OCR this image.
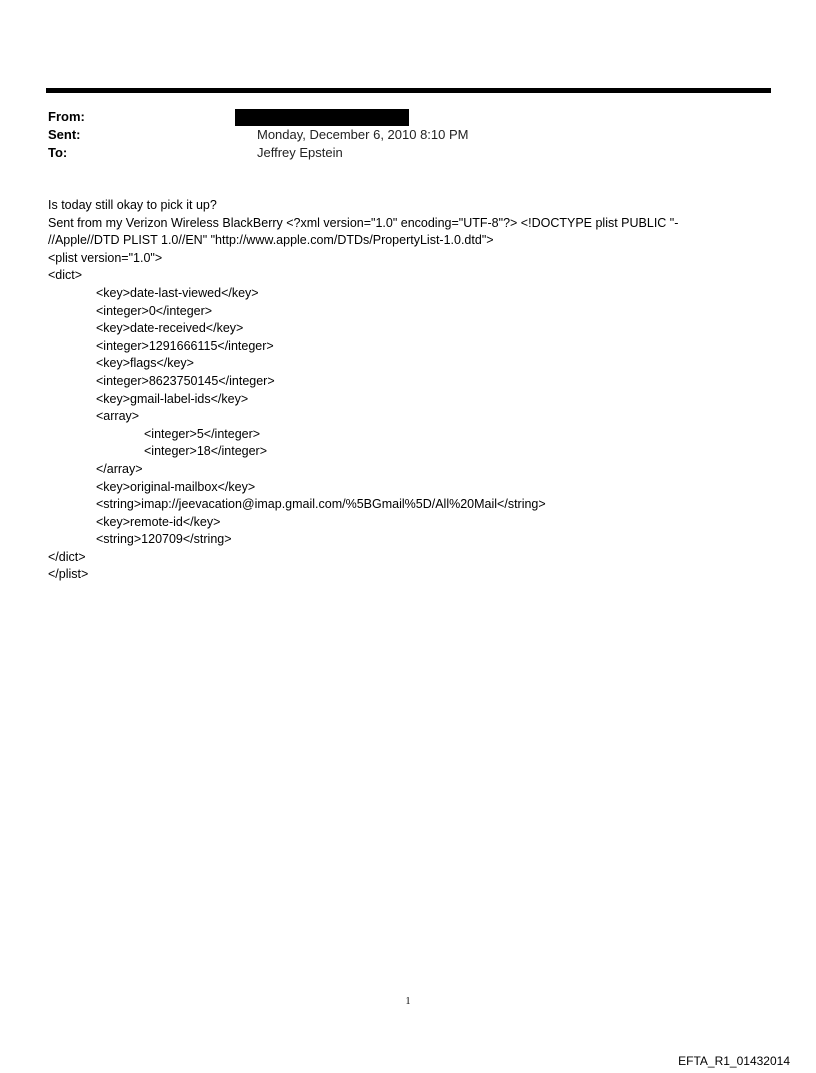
From:
Sent:	Monday, December 6, 2010 8:10 PM
To:	Jeffrey Epstein
Is today still okay to pick it up?
Sent from my Verizon Wireless BlackBerry <?xml version="1.0" encoding="UTF-8"?> <!DOCTYPE plist PUBLIC "-
//Apple//DTD PLIST 1.0//EN" "http://www.apple.com/DTDs/PropertyList-1.0.dtd">
<plist version="1.0">
<dict>
<key>date-last-viewed</key>
<integer>0</integer>
<key>date-received</key>
<integer>1291666115</integer>
<key>flags</key>
<integer>8623750145</integer>
<key>gmail-label-ids</key>
<array>
<integer>5</integer>
<integer>18</integer>
</array>
<key>original-mailbox</key>
<string>imap://jeevacation@imap.gmail.com/%5BGmail%5D/All%20Mail</string>
<key>remote-id</key>
<string>120709</string>
</dict>
</plist>
1
EFTA_R1_01432014
